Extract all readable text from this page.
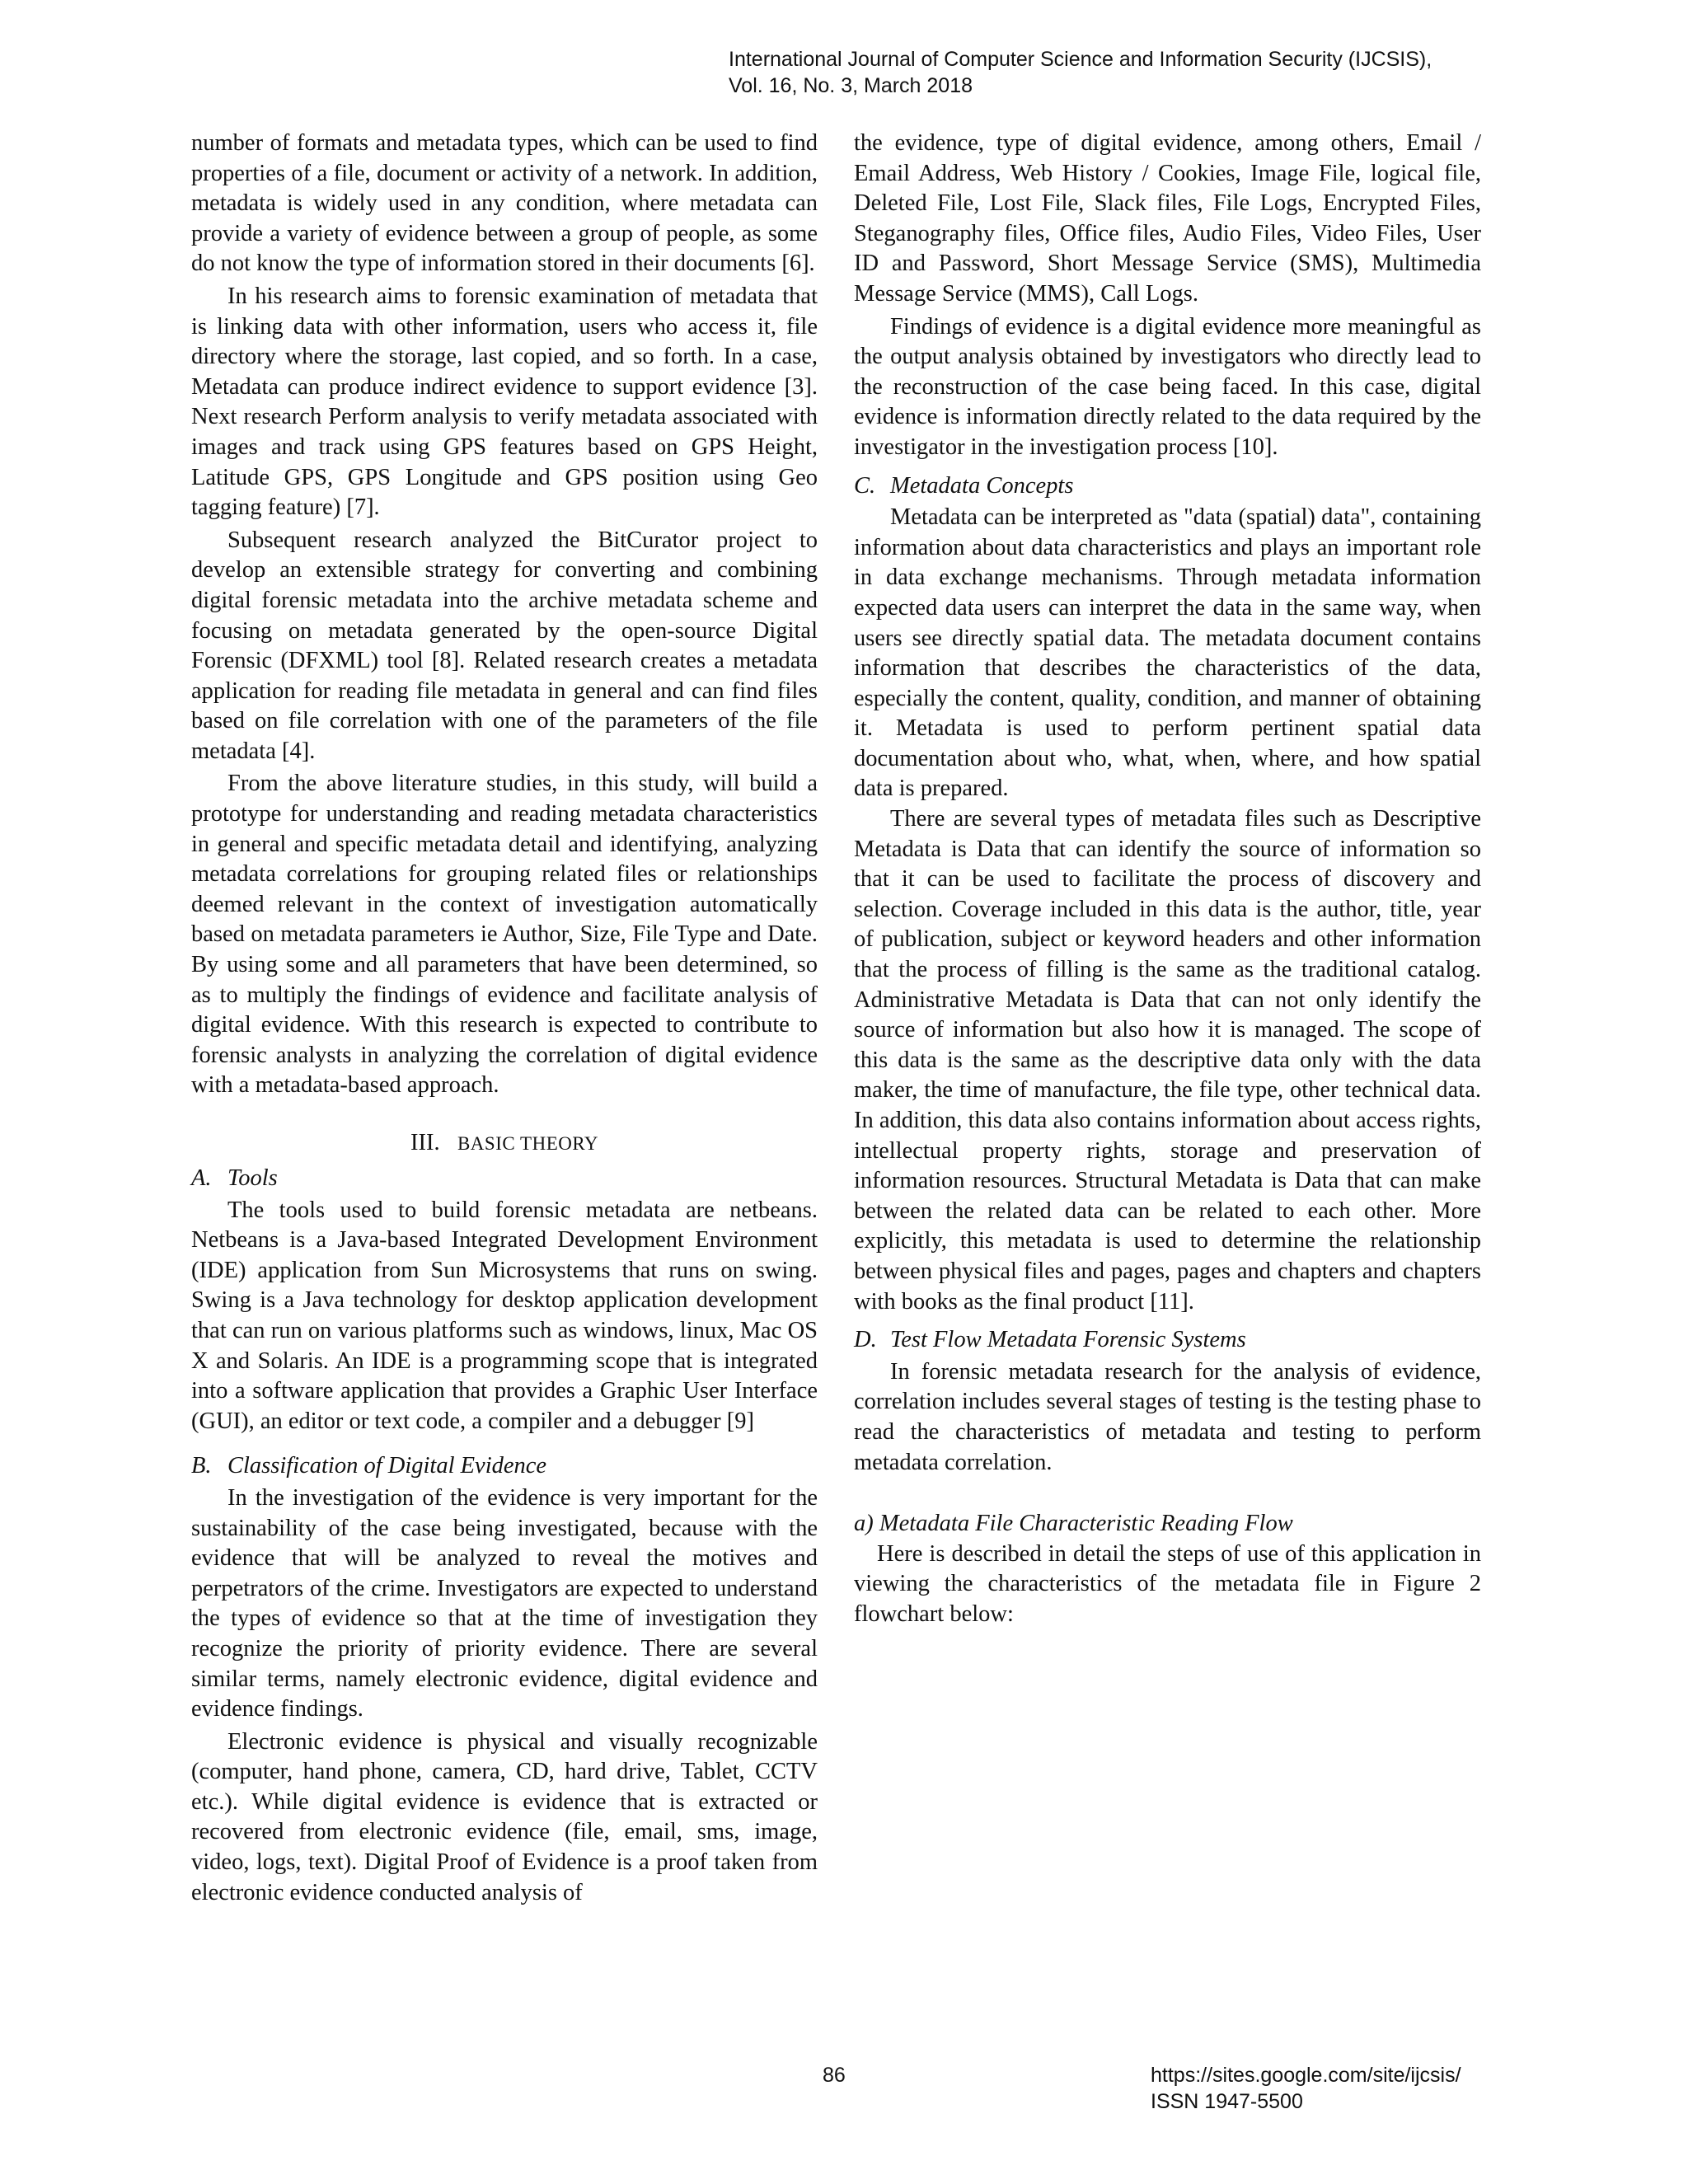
International Journal of Computer Science and Information Security (IJCSIS),
Vol. 16, No. 3, March 2018

number of formats and metadata types, which can be used to find properties of a file, document or activity of a network. In addition, metadata is widely used in any condition, where metadata can provide a variety of evidence between a group of people, as some do not know the type of information stored in their documents [6].

In his research aims to forensic examination of metadata that is linking data with other information, users who access it, file directory where the storage, last copied, and so forth. In a case, Metadata can produce indirect evidence to support evidence [3]. Next research Perform analysis to verify metadata associated with images and track using GPS features based on GPS Height, Latitude GPS, GPS Longitude and GPS position using Geo tagging feature) [7].

Subsequent research analyzed the BitCurator project to develop an extensible strategy for converting and combining digital forensic metadata into the archive metadata scheme and focusing on metadata generated by the open-source Digital Forensic (DFXML) tool [8]. Related research creates a metadata application for reading file metadata in general and can find files based on file correlation with one of the parameters of the file metadata [4].

From the above literature studies, in this study, will build a prototype for understanding and reading metadata characteristics in general and specific metadata detail and identifying, analyzing metadata correlations for grouping related files or relationships deemed relevant in the context of investigation automatically based on metadata parameters ie Author, Size, File Type and Date. By using some and all parameters that have been determined, so as to multiply the findings of evidence and facilitate analysis of digital evidence. With this research is expected to contribute to forensic analysts in analyzing the correlation of digital evidence with a metadata-based approach.

III. BASIC THEORY
A. Tools

The tools used to build forensic metadata are netbeans. Netbeans is a Java-based Integrated Development Environment (IDE) application from Sun Microsystems that runs on swing. Swing is a Java technology for desktop application development that can run on various platforms such as windows, linux, Mac OS X and Solaris. An IDE is a programming scope that is integrated into a software application that provides a Graphic User Interface (GUI), an editor or text code, a compiler and a debugger [9]

B. Classification of Digital Evidence

In the investigation of the evidence is very important for the sustainability of the case being investigated, because with the evidence that will be analyzed to reveal the motives and perpetrators of the crime. Investigators are expected to understand the types of evidence so that at the time of investigation they recognize the priority of priority evidence. There are several similar terms, namely electronic evidence, digital evidence and evidence findings.

Electronic evidence is physical and visually recognizable (computer, hand phone, camera, CD, hard drive, Tablet, CCTV etc.). While digital evidence is evidence that is extracted or recovered from electronic evidence (file, email, sms, image, video, logs, text). Digital Proof of Evidence is a proof taken from electronic evidence conducted analysis of

the evidence, type of digital evidence, among others, Email / Email Address, Web History / Cookies, Image File, logical file, Deleted File, Lost File, Slack files, File Logs, Encrypted Files, Steganography files, Office files, Audio Files, Video Files, User ID and Password, Short Message Service (SMS), Multimedia Message Service (MMS), Call Logs.

Findings of evidence is a digital evidence more meaningful as the output analysis obtained by investigators who directly lead to the reconstruction of the case being faced. In this case, digital evidence is information directly related to the data required by the investigator in the investigation process [10].

C. Metadata Concepts

Metadata can be interpreted as "data (spatial) data", containing information about data characteristics and plays an important role in data exchange mechanisms. Through metadata information expected data users can interpret the data in the same way, when users see directly spatial data. The metadata document contains information that describes the characteristics of the data, especially the content, quality, condition, and manner of obtaining it. Metadata is used to perform pertinent spatial data documentation about who, what, when, where, and how spatial data is prepared.

There are several types of metadata files such as Descriptive Metadata is Data that can identify the source of information so that it can be used to facilitate the process of discovery and selection. Coverage included in this data is the author, title, year of publication, subject or keyword headers and other information that the process of filling is the same as the traditional catalog. Administrative Metadata is Data that can not only identify the source of information but also how it is managed. The scope of this data is the same as the descriptive data only with the data maker, the time of manufacture, the file type, other technical data. In addition, this data also contains information about access rights, intellectual property rights, storage and preservation of information resources. Structural Metadata is Data that can make between the related data can be related to each other. More explicitly, this metadata is used to determine the relationship between physical files and pages, pages and chapters and chapters with books as the final product [11].

D. Test Flow Metadata Forensic Systems

In forensic metadata research for the analysis of evidence, correlation includes several stages of testing is the testing phase to read the characteristics of metadata and testing to perform metadata correlation.

a) Metadata File Characteristic Reading Flow

Here is described in detail the steps of use of this application in viewing the characteristics of the metadata file in Figure 2 flowchart below:

86	https://sites.google.com/site/ijcsis/
ISSN 1947-5500
